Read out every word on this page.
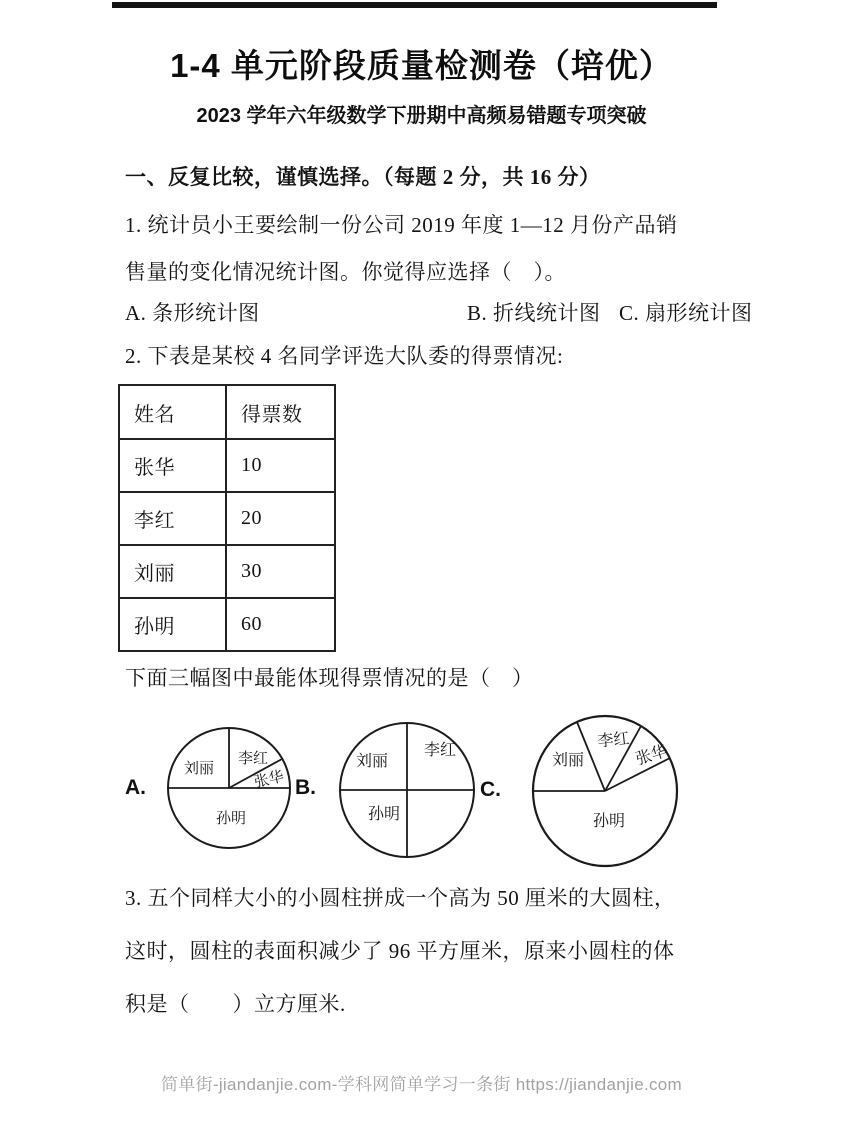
1-4 单元阶段质量检测卷（培优）
2023 学年六年级数学下册期中高频易错题专项突破
一、反复比较，谨慎选择。（每题 2 分，共 16 分）
1. 统计员小王要绘制一份公司 2019 年度 1—12 月份产品销
售量的变化情况统计图。你觉得应选择（　）。
A. 条形统计图	B. 折线统计图 C. 扇形统计图
2. 下表是某校 4 名同学评选大队委的得票情况:
姓名	得票数
张华	10
李红	20
刘丽	30
孙明	60
下面三幅图中最能体现得票情况的是（　）
A.
刘丽
李红
张华
孙明
B.
刘丽
李红
孙明
C.
刘丽
李红
张华
孙明
3. 五个同样大小的小圆柱拼成一个高为 50 厘米的大圆柱，
这时，圆柱的表面积减少了 96 平方厘米，原来小圆柱的体
积是（　　）立方厘米.
简单街-jiandanjie.com-学科网简单学习一条街 https://jiandanjie.com
